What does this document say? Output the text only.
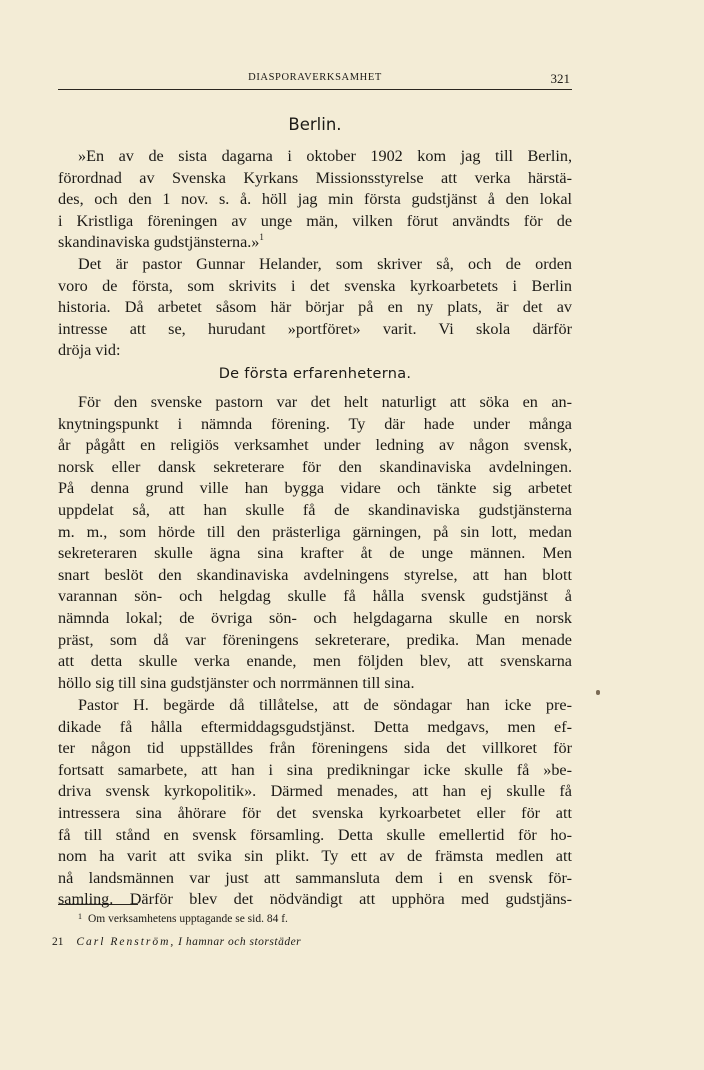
DIASPORAVERKSAMHET	321
Berlin.

»En av de sista dagarna i oktober 1902 kom jag till Berlin,
förordnad av Svenska Kyrkans Missionsstyrelse att verka härstä-
des, och den 1 nov. s. å. höll jag min första gudstjänst å den lokal
i Kristliga föreningen av unge män, vilken förut användts för de
skandinaviska gudstjänsterna.»$^1$

Det är pastor Gunnar Helander, som skriver så, och de orden
voro de första, som skrivits i det svenska kyrkoarbetets i Berlin
historia. Då arbetet såsom här börjar på en ny plats, är det av
intresse att se, hurudant »portföret» varit. Vi skola därför
dröja vid:

De första erfarenheterna.

För den svenske pastorn var det helt naturligt att söka en an-
knytningspunkt i nämnda förening. Ty där hade under många
år pågått en religiös verksamhet under ledning av någon svensk,
norsk eller dansk sekreterare för den skandinaviska avdelningen.
På denna grund ville han bygga vidare och tänkte sig arbetet
uppdelat så, att han skulle få de skandinaviska gudstjänsterna
m. m., som hörde till den prästerliga gärningen, på sin lott, medan
sekreteraren skulle ägna sina krafter åt de unge männen. Men
snart beslöt den skandinaviska avdelningens styrelse, att han blott
varannan sön- och helgdag skulle få hålla svensk gudstjänst å
nämnda lokal; de övriga sön- och helgdagarna skulle en norsk
präst, som då var föreningens sekreterare, predika. Man menade
att detta skulle verka enande, men följden blev, att svenskarna
höllo sig till sina gudstjänster och norrmännen till sina.

Pastor H. begärde då tillåtelse, att de söndagar han icke pre-
dikade få hålla eftermiddagsgudstjänst. Detta medgavs, men ef-
ter någon tid uppställdes från föreningens sida det villkoret för
fortsatt samarbete, att han i sina predikningar icke skulle få »be-
driva svensk kyrkopolitik». Därmed menades, att han ej skulle få
intressera sina åhörare för det svenska kyrkoarbetet eller för att
få till stånd en svensk församling. Detta skulle emellertid för ho-
nom ha varit att svika sin plikt. Ty ett av de främsta medlen att
nå landsmännen var just att sammansluta dem i en svensk för-
samling. Därför blev det nödvändigt att upphöra med gudstjäns-

$^1$ Om verksamhetens upptagande se sid. 84 f.
21 Carl Renström, I hamnar och storstäder
